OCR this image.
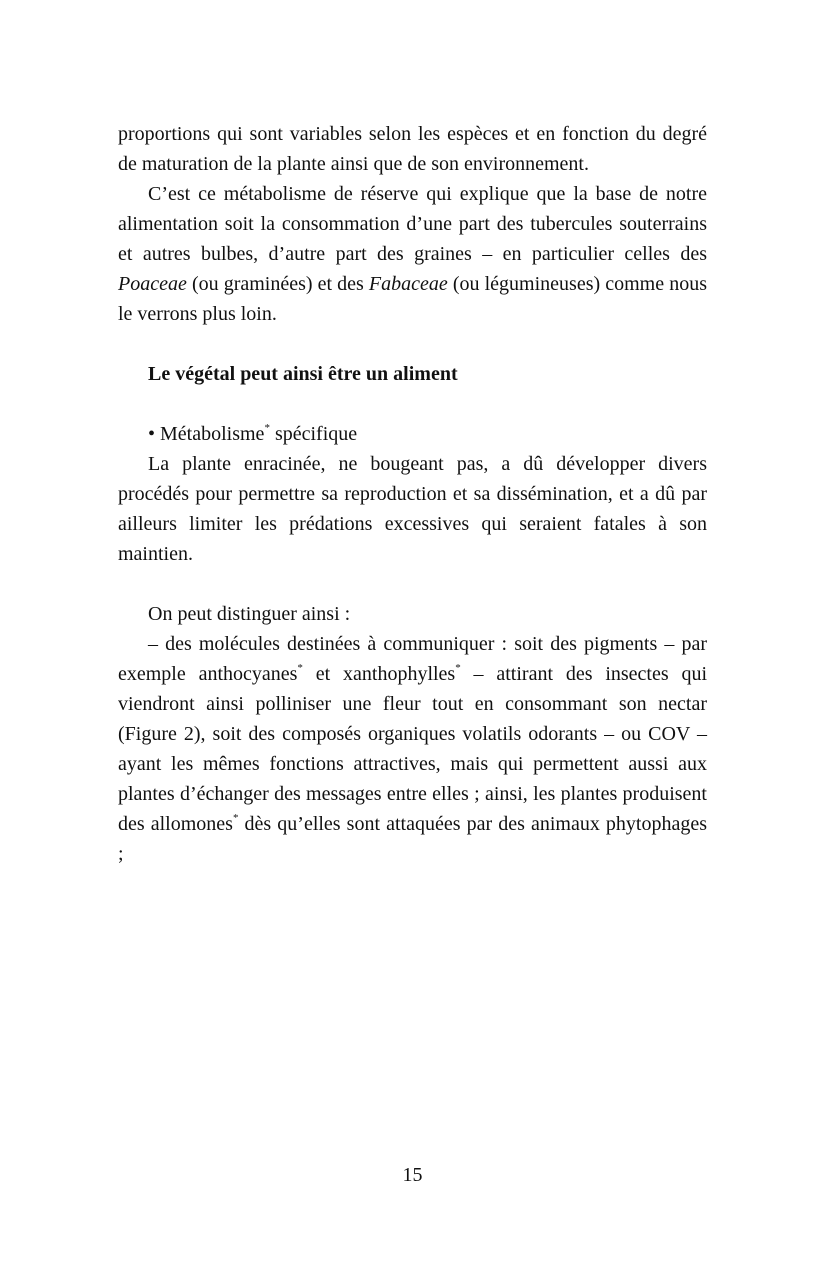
proportions qui sont variables selon les espèces et en fonction du degré de maturation de la plante ainsi que de son environnement.

C’est ce métabolisme de réserve qui explique que la base de notre alimentation soit la consommation d’une part des tubercules souterrains et autres bulbes, d’autre part des graines – en particulier celles des Poaceae (ou graminées) et des Fabaceae (ou légumineuses) comme nous le verrons plus loin.

Le végétal peut ainsi être un aliment

• Métabolisme* spécifique

La plante enracinée, ne bougeant pas, a dû développer divers procédés pour permettre sa reproduction et sa dissémination, et a dû par ailleurs limiter les prédations excessives qui seraient fatales à son maintien.

On peut distinguer ainsi :

– des molécules destinées à communiquer : soit des pigments – par exemple anthocyanes* et xanthophylles* – attirant des insectes qui viendront ainsi polliniser une fleur tout en consommant son nectar (Figure 2), soit des composés organiques volatils odorants – ou COV – ayant les mêmes fonctions attractives, mais qui permettent aussi aux plantes d’échanger des messages entre elles ; ainsi, les plantes produisent des allomones* dès qu’elles sont attaquées par des animaux phytophages ;

15
